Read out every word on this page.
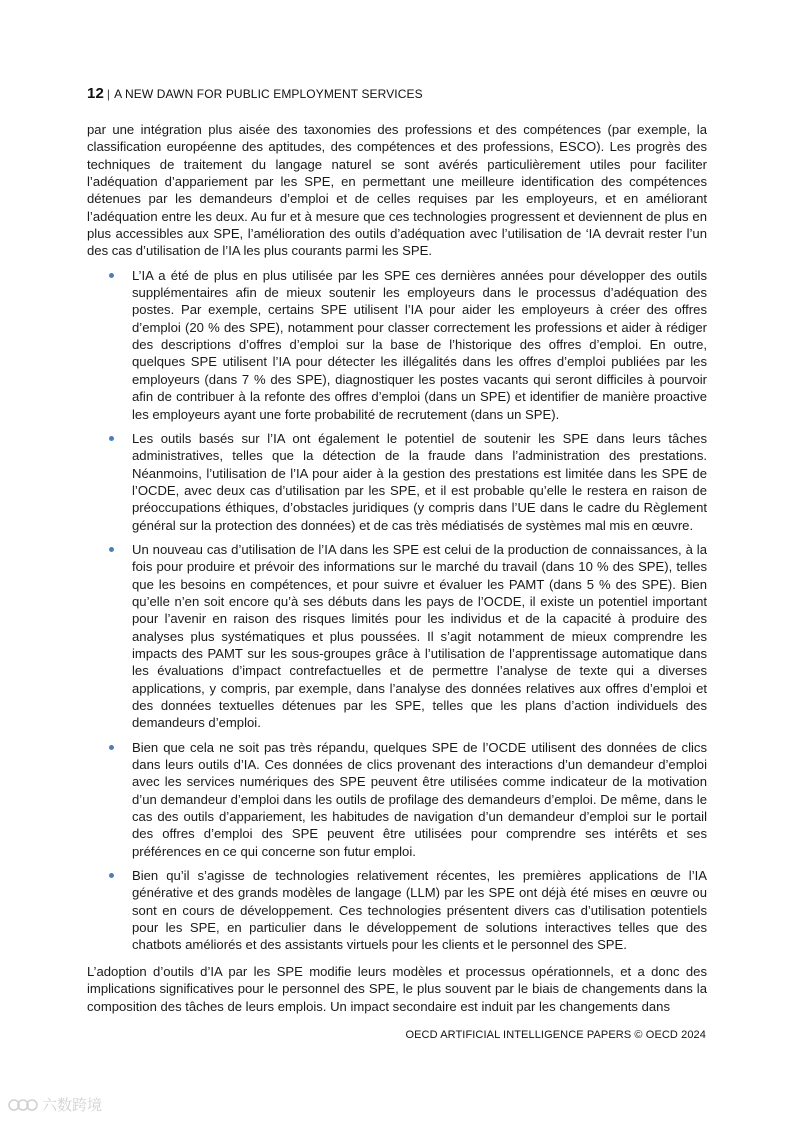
12 | A NEW DAWN FOR PUBLIC EMPLOYMENT SERVICES

par une intégration plus aisée des taxonomies des professions et des compétences (par exemple, la classification européenne des aptitudes, des compétences et des professions, ESCO). Les progrès des techniques de traitement du langage naturel se sont avérés particulièrement utiles pour faciliter l’adéquation d’appariement par les SPE, en permettant une meilleure identification des compétences détenues par les demandeurs d’emploi et de celles requises par les employeurs, et en améliorant l’adéquation entre les deux. Au fur et à mesure que ces technologies progressent et deviennent de plus en plus accessibles aux SPE, l’amélioration des outils d’adéquation avec l’utilisation de ‘IA devrait rester l’un des cas d’utilisation de l’IA les plus courants parmi les SPE.

L’IA a été de plus en plus utilisée par les SPE ces dernières années pour développer des outils supplémentaires afin de mieux soutenir les employeurs dans le processus d’adéquation des postes. Par exemple, certains SPE utilisent l’IA pour aider les employeurs à créer des offres d’emploi (20 % des SPE), notamment pour classer correctement les professions et aider à rédiger des descriptions d’offres d’emploi sur la base de l’historique des offres d’emploi. En outre, quelques SPE utilisent l’IA pour détecter les illégalités dans les offres d’emploi publiées par les employeurs (dans 7 % des SPE), diagnostiquer les postes vacants qui seront difficiles à pourvoir afin de contribuer à la refonte des offres d’emploi (dans un SPE) et identifier de manière proactive les employeurs ayant une forte probabilité de recrutement (dans un SPE).
Les outils basés sur l’IA ont également le potentiel de soutenir les SPE dans leurs tâches administratives, telles que la détection de la fraude dans l’administration des prestations. Néanmoins, l’utilisation de l’IA pour aider à la gestion des prestations est limitée dans les SPE de l’OCDE, avec deux cas d’utilisation par les SPE, et il est probable qu’elle le restera en raison de préoccupations éthiques, d’obstacles juridiques (y compris dans l’UE dans le cadre du Règlement général sur la protection des données) et de cas très médiatisés de systèmes mal mis en œuvre.
Un nouveau cas d’utilisation de l’IA dans les SPE est celui de la production de connaissances, à la fois pour produire et prévoir des informations sur le marché du travail (dans 10 % des SPE), telles que les besoins en compétences, et pour suivre et évaluer les PAMT (dans 5 % des SPE). Bien qu’elle n’en soit encore qu’à ses débuts dans les pays de l’OCDE, il existe un potentiel important pour l’avenir en raison des risques limités pour les individus et de la capacité à produire des analyses plus systématiques et plus poussées. Il s’agit notamment de mieux comprendre les impacts des PAMT sur les sous-groupes grâce à l’utilisation de l’apprentissage automatique dans les évaluations d’impact contrefactuelles et de permettre l’analyse de texte qui a diverses applications, y compris, par exemple, dans l’analyse des données relatives aux offres d’emploi et des données textuelles détenues par les SPE, telles que les plans d’action individuels des demandeurs d’emploi.
Bien que cela ne soit pas très répandu, quelques SPE de l’OCDE utilisent des données de clics dans leurs outils d’IA. Ces données de clics provenant des interactions d’un demandeur d’emploi avec les services numériques des SPE peuvent être utilisées comme indicateur de la motivation d’un demandeur d’emploi dans les outils de profilage des demandeurs d’emploi. De même, dans le cas des outils d’appariement, les habitudes de navigation d’un demandeur d’emploi sur le portail des offres d’emploi des SPE peuvent être utilisées pour comprendre ses intérêts et ses préférences en ce qui concerne son futur emploi.
Bien qu’il s’agisse de technologies relativement récentes, les premières applications de l’IA générative et des grands modèles de langage (LLM) par les SPE ont déjà été mises en œuvre ou sont en cours de développement. Ces technologies présentent divers cas d’utilisation potentiels pour les SPE, en particulier dans le développement de solutions interactives telles que des chatbots améliorés et des assistants virtuels pour les clients et le personnel des SPE.

L’adoption d’outils d’IA par les SPE modifie leurs modèles et processus opérationnels, et a donc des implications significatives pour le personnel des SPE, le plus souvent par le biais de changements dans la composition des tâches de leurs emplois. Un impact secondaire est induit par les changements dans

OECD ARTIFICIAL INTELLIGENCE PAPERS © OECD 2024
六数跨境
